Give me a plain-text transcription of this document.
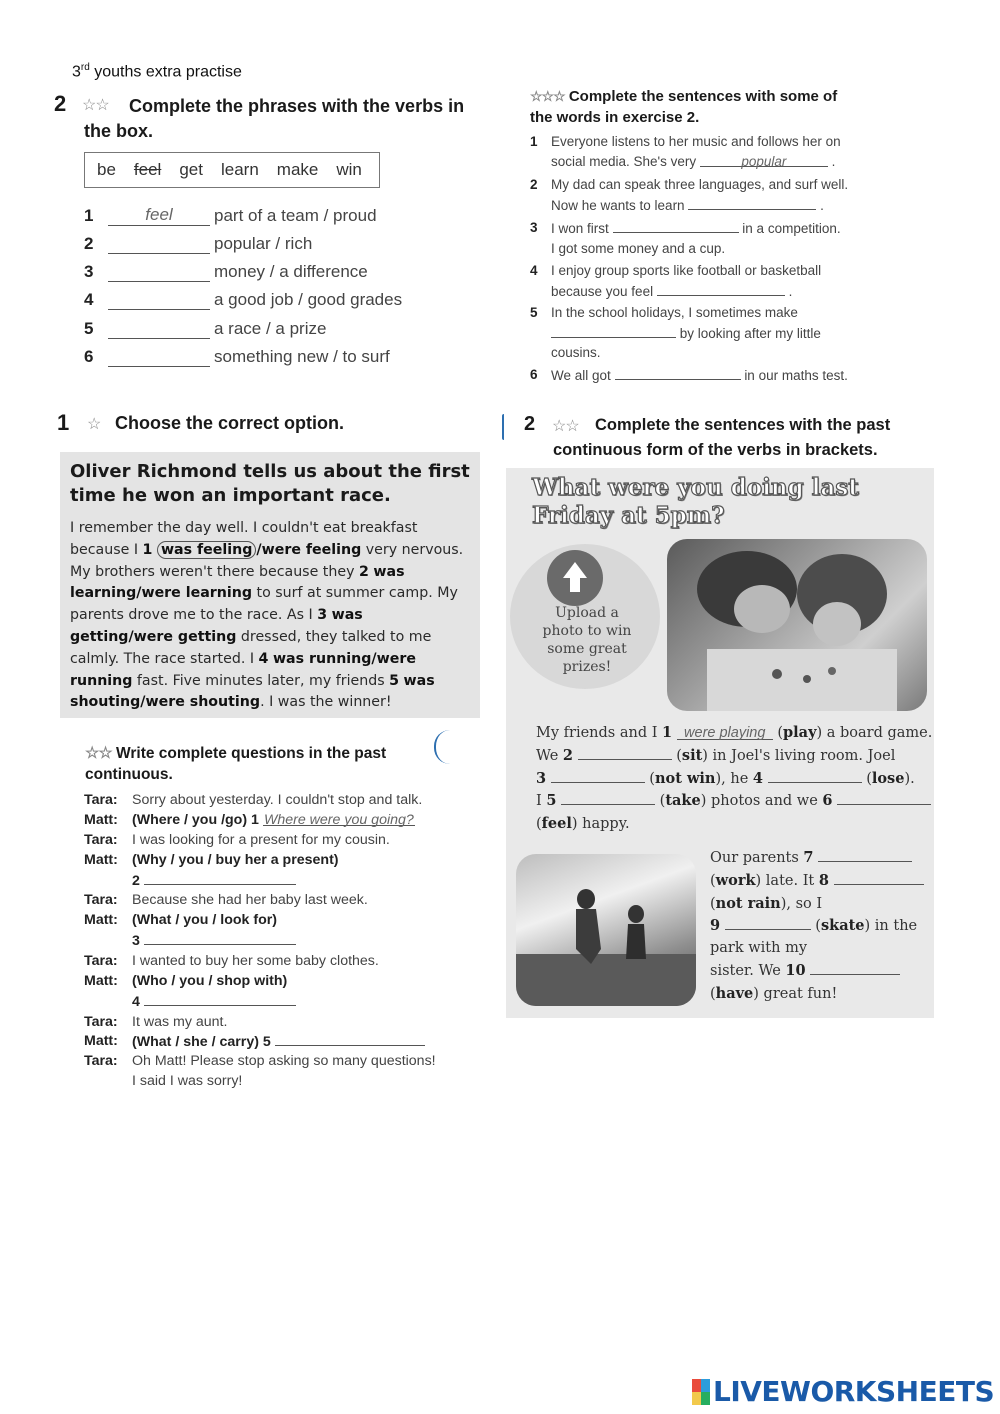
3rd youths extra practise
2 ☆☆ Complete the phrases with the verbs in
the box.
be feel get learn make win
1	feel	part of a team / proud
2	popular / rich
3	money / a difference
4	a good job / good grades
5	a race / a prize
6	something new / to surf
☆☆☆ Complete the sentences with some of
the words in exercise 2.
1 Everyone listens to her music and follows her on
social media. She's very	popular	.
2 My dad can speak three languages, and surf well.
Now he wants to learn	.
3 I won first	in a competition.
I got some money and a cup.
4 I enjoy group sports like football or basketball
because you feel	.
5 In the school holidays, I sometimes make
by looking after my little
cousins.
6 We all got	in our maths test.
1 ☆ Choose the correct option.
Oliver Richmond tells us about the first time he won an important race.
I remember the day well. I couldn't eat breakfast because I 1 was feeling /were feeling very nervous. My brothers weren't there because they 2 was learning/were learning to surf at summer camp. My parents drove me to the race. As I 3 was getting/were getting dressed, they talked to me calmly. The race started. I 4 was running/were running fast. Five minutes later, my friends 5 was shouting/were shouting. I was the winner!
2 ☆☆ Complete the sentences with the past
continuous form of the verbs in brackets.
What were you doing last
Friday at 5pm?
Upload a photo to win some great prizes!
My friends and I 1 were playing (play) a board game.
We 2	(sit) in Joel's living room. Joel
3	(not win), he 4	(lose).
I 5	(take) photos and we 6
(feel) happy.
Our parents 7
(work) late. It 8
(not rain), so I
9	(skate) in the
park with my
sister. We 10
(have) great fun!
☆☆ Write complete questions in the past
continuous.
Tara: Sorry about yesterday. I couldn't stop and talk.
Matt: (Where / you /go) 1 Where were you going?
Tara: I was looking for a present for my cousin.
Matt: (Why / you / buy her a present)
2
Tara: Because she had her baby last week.
Matt: (What / you / look for)
3
Tara: I wanted to buy her some baby clothes.
Matt: (Who / you / shop with)
4
Tara: It was my aunt.
Matt: (What / she / carry) 5
Tara: Oh Matt! Please stop asking so many questions!
I said I was sorry!
LIVEWORKSHEETS
